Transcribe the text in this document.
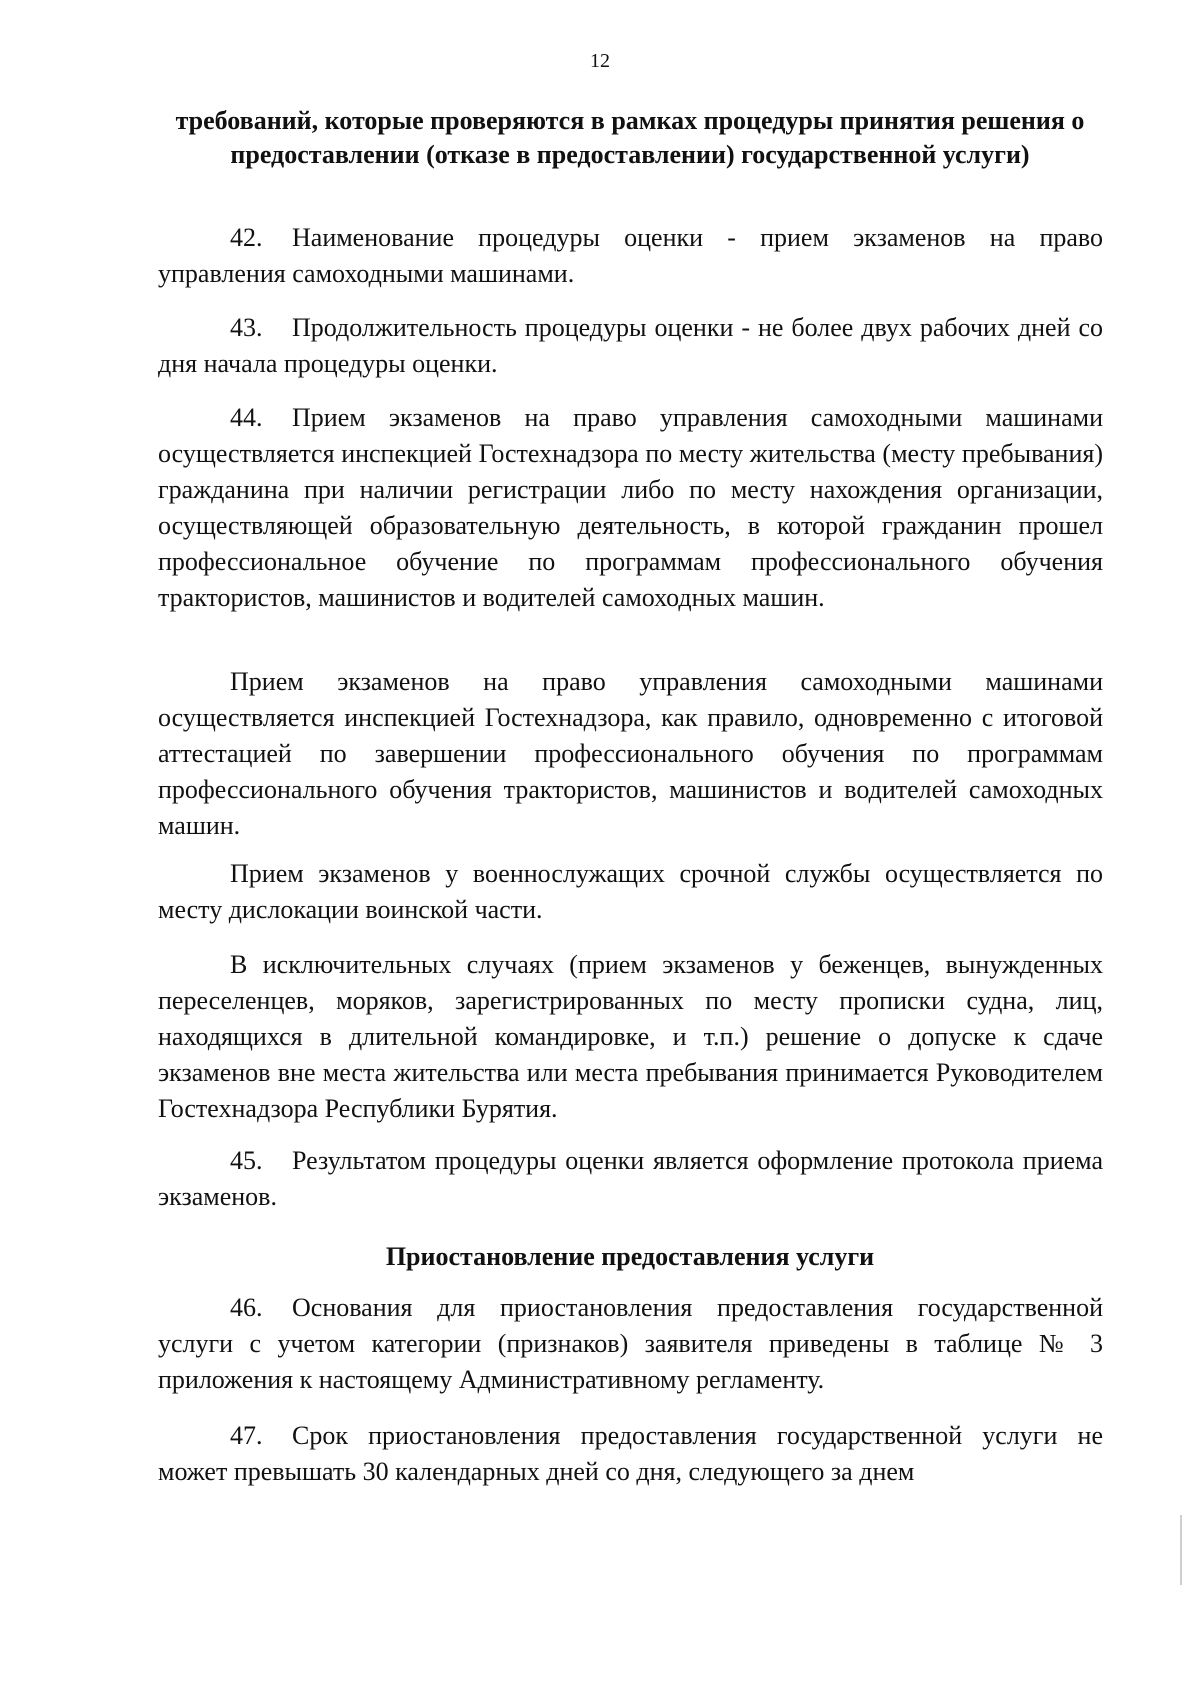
12
требований, которые проверяются в рамках процедуры принятия решения о предоставлении (отказе в предоставлении) государственной услуги)
42. Наименование процедуры оценки - прием экзаменов на право управления самоходными машинами.
43. Продолжительность процедуры оценки - не более двух рабочих дней со дня начала процедуры оценки.
44. Прием экзаменов на право управления самоходными машинами осуществляется инспекцией Гостехнадзора по месту жительства (месту пребывания) гражданина при наличии регистрации либо по месту нахождения организации, осуществляющей образовательную деятельность, в которой гражданин прошел профессиональное обучение по программам профессионального обучения трактористов, машинистов и водителей самоходных машин.
Прием экзаменов на право управления самоходными машинами осуществляется инспекцией Гостехнадзора, как правило, одновременно с итоговой аттестацией по завершении профессионального обучения по программам профессионального обучения трактористов, машинистов и водителей самоходных машин.
Прием экзаменов у военнослужащих срочной службы осуществляется по месту дислокации воинской части.
В исключительных случаях (прием экзаменов у беженцев, вынужденных переселенцев, моряков, зарегистрированных по месту прописки судна, лиц, находящихся в длительной командировке, и т.п.) решение о допуске к сдаче экзаменов вне места жительства или места пребывания принимается Руководителем Гостехнадзора Республики Бурятия.
45. Результатом процедуры оценки является оформление протокола приема экзаменов.
Приостановление предоставления услуги
46. Основания для приостановления предоставления государственной услуги с учетом категории (признаков) заявителя приведены в таблице № 3 приложения к настоящему Административному регламенту.
47. Срок приостановления предоставления государственной услуги не может превышать 30 календарных дней со дня, следующего за днем
